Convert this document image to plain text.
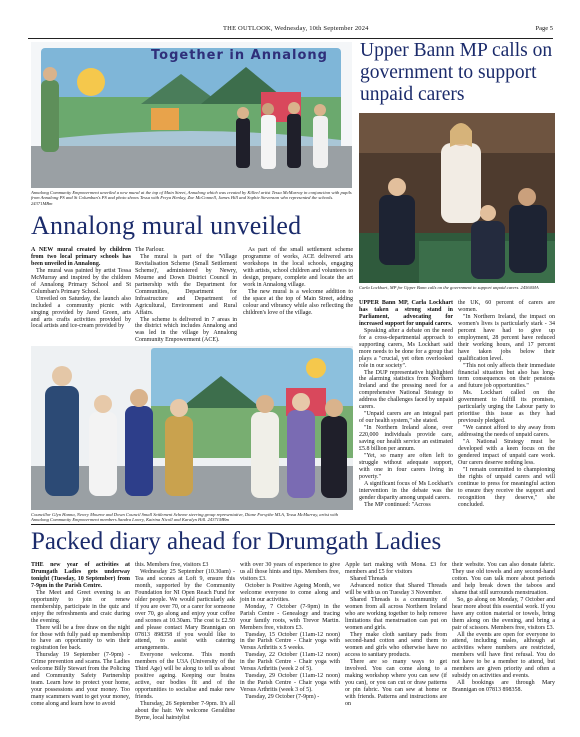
THE OUTLOOK, Wednesday, 10th September 2024	Page 5
Together in Annalong
Annalong Community Empowerment unveiled a new mural at the top of Main Street, Annalong which was created by Killeel artist Tessa McMurray in conjunction with pupils from Annalong PS and St Columban's PS and photo shows Tessa with Freya Henlay, Zoe McConnell, James Hill and Sophie Stevenson who represented the schools. 24371MBm
Annalong mural unveiled

A NEW mural created by children from two local primary schools has been unveiled in Annalong.

The mural was painted by artist Tessa McMurray and inspired by the children of Annalong Primary School and St Columban's Primary School.

Unveiled on Saturday, the launch also included a community picnic with singing provided by Jared Green, arts and arts crafts activities provided by local artists and ice-cream provided by

The Parlour.

The mural is part of the 'Village Revitalisation Scheme (Small Settlement Scheme)', administered by Newry, Mourne and Down District Council in partnership with the Department for Communities, Department for Infrastructure and Department of Agricultural, Environment and Rural Affairs.

The scheme is delivered in 7 areas in the district which includes Annalong and was led in the village by Annalong Community Empowerment (ACE).

As part of the small settlement scheme programme of works, ACE delivered arts workshops in the local schools, engaging with artists, school children and volunteers to design, prepare, complete and locate the art work in Annalong village.

The new mural is a welcome addition to the space at the top of Main Street, adding colour and vibrancy while also reflecting the children's love of the village.

Councillor Glyn Hanna, Newry Mourne and Down Council Small Settlement Scheme steering group representative, Diane Forsythe MLA, Tessa McMurray, artist with Annalong Community Empowerment members Sandra Lowry, Katrina Nicoll and Karalyn Hill. 24371MBm
Upper Bann MP calls on government to support unpaid carers
Carla Lockhart, MP for Upper Bann calls on the government to support unpaid carers. 24560MA

UPPER Bann MP, Carla Lockhart has taken a strong stand in Parliament, advocating for increased support for unpaid carers.

Speaking after a debate on the need for a cross-departmental approach to supporting carers, Ms Lockhart said more needs to be done for a group that plays a "crucial, yet often overlooked role in our society".

The DUP representative highlighted the alarming statistics from Northern Ireland and the pressing need for a comprehensive National Strategy to address the challenges faced by unpaid carers.

"Unpaid carers are an integral part of our health system," she stated.

"In Northern Ireland alone, over 220,000 individuals provide care, saving our health service an estimated £5.8 billion per annum.

"Yet, so many are often left to struggle without adequate support, with one in four carers living in poverty."

A significant focus of Ms Lockhart's intervention in the debate was the gender disparity among unpaid carers.

The MP continued: "Across

the UK, 60 percent of carers are women.

"In Northern Ireland, the impact on women's lives is particularly stark - 34 percent have had to give up employment, 28 percent have reduced their working hours, and 17 percent have taken jobs below their qualification level.

"This not only affects their immediate financial situation but also has long-term consequences on their pensions and future job opportunities."

Ms. Lockhart called on the government to fulfill its promises, particularly urging the Labour party to prioritise this issue as they had previously pledged.

"We cannot afford to shy away from addressing the needs of unpaid carers.

"A National Strategy must be developed with a keen focus on the gendered impact of unpaid care work. Our carers deserve nothing less.

"I remain committed to championing the rights of unpaid carers and will continue to press for meaningful action to ensure they receive the support and recognition they deserve," she concluded.

Packed diary ahead for Drumgath Ladies

THE new year of activities at Drumgath Ladies gets underway tonight (Tuesday, 10 September) from 7-9pm in the Parish Centre.

The Meet and Greet evening is an opportunity to join or renew membership, participate in the quiz and enjoy the refreshments and craic during the evening.

There will be a free draw on the night for those with fully paid up membership to have an opportunity to win their registration fee back.

Thursday 19 September (7-9pm) - Crime prevention and scams. The Ladies welcome Billy Stewart from the Policing and Community Safety Partnership team. Learn how to protect your home, your possessions and your money. Too many scammers want to get your money, come along and learn how to avoid

this. Members free, visitors £3

Wednesday 25 September (10.30am) - Tea and scones at Loft 9, ensure this month, supported by the Community Foundation for NI Open Reach Fund for older people. We would particularly ask if you are over 70, or a carer for someone over 70, go along and enjoy your coffee and scones at 10.30am. The cost is £2.50 and please contact Mary Brannigan on 07813 898358 if you would like to attend, to assist with catering arrangements.

Everyone welcome. This month members of the U3A (University of the Third Age) will be along to tell us about positive ageing. Keeping our brains active, our bodies fit and of the opportunities to socialise and make new friends.

Thursday, 26 September 7-9pm. It's all about the hair. We welcome Geraldine Byrne, local hairstylist

with over 30 years of experience to give us all those hints and tips. Members free, visitors £3.

October is Positive Ageing Month, we welcome everyone to come along and join in our activities.

Monday, 7 October (7-9pm) in the Parish Centre - Genealogy and tracing your family roots, with Trevor Martin. Members free, visitors £3.

Tuesday, 15 October (11am-12 noon) in the Parish Centre - Chair yoga with Versus Arthritis x 5 weeks.

Tuesday, 22 October (11am-12 noon) in the Parish Centre - Chair yoga with Versus Arthritis (week 2 of 5).

Tuesday, 29 October (11am-12 noon) in the Parish Centre - Chair yoga with Versus Arthritis (week 3 of 5).

Tuesday, 29 October (7-9pm) -

Apple tart making with Mona. £3 for members and £5 for visitors

Shared Threads

Advanced notice that Shared Threads will be with us on Tuesday 3 November.

Shared Threads is a community of women from all across Northern Ireland who are working together to help remove limitations that menstruation can put on women and girls.

They make cloth sanitary pads from second-hand cotton and send them to women and girls who otherwise have no access to sanitary products.

There are so many ways to get involved. You can come along to a making workshop where you can sew (if you can), or you can cut or draw patterns or pin fabric. You can sew at home or with friends. Patterns and instructions are on

their website. You can also donate fabric. They use old towels and any second-hand cotton. You can talk more about periods and help break down the taboos and shame that still surrounds menstruation.

So, go along on Monday, 7 October and hear more about this essential work. If you have any cotton material or towels, bring them along on the evening, and bring a pair of scissors. Members free, visitors £3.

All the events are open for everyone to attend, including males, although at activities where numbers are restricted, members will have first refusal. You do not have to be a member to attend, but members are given priority and often a subsidy on activities and events.

All bookings are through Mary Brannigan on 07813 898358.
